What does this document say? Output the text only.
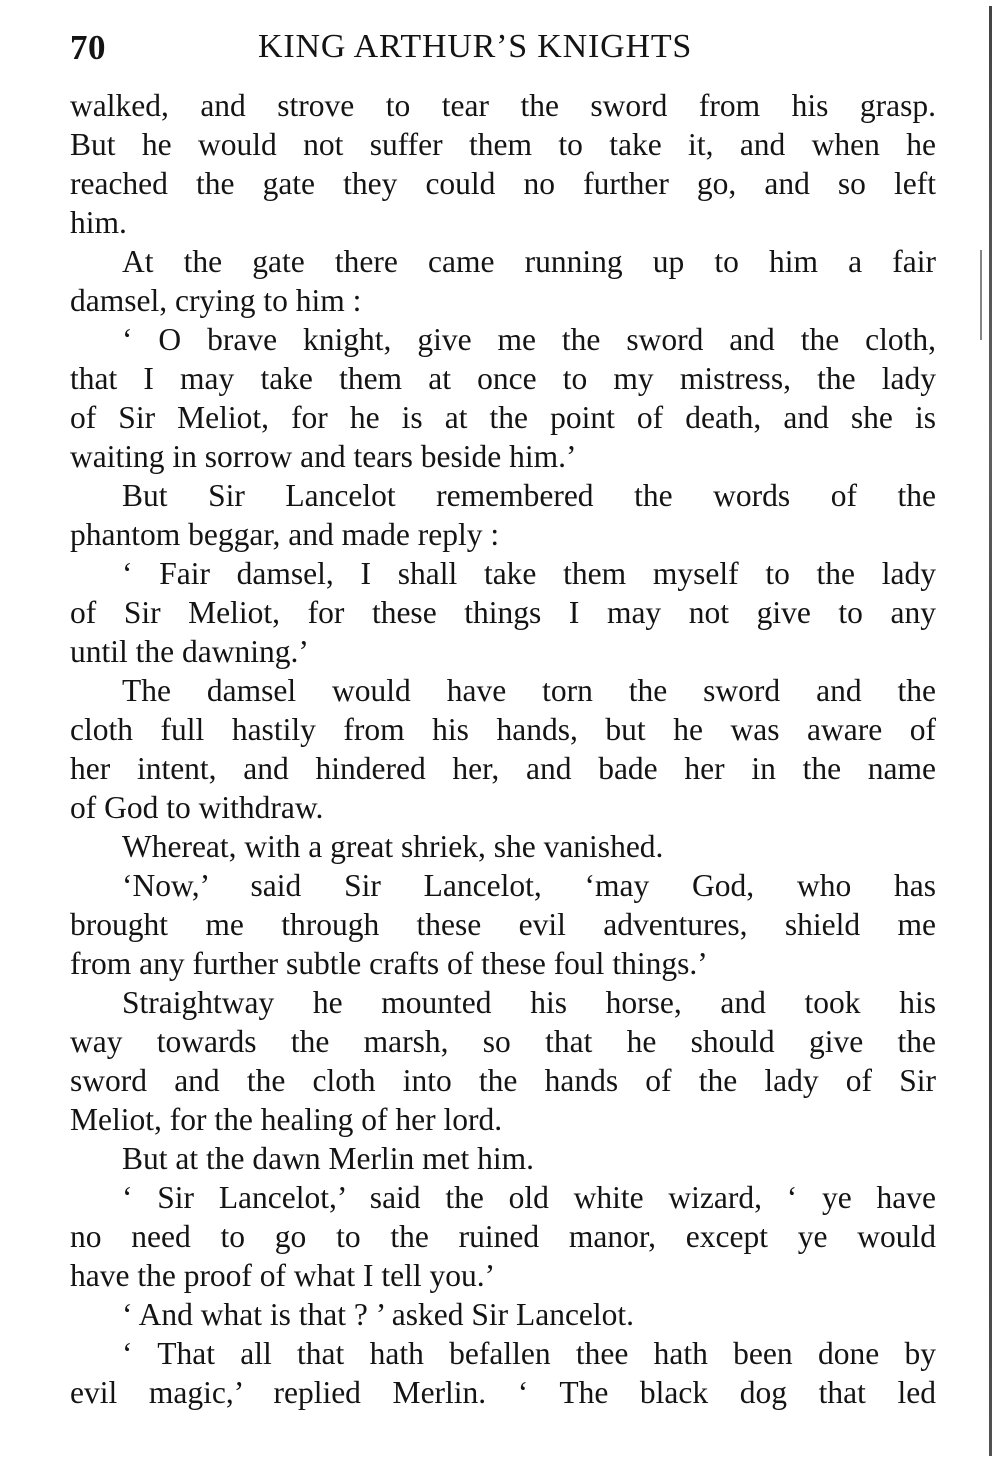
70	KING ARTHUR’S KNIGHTS
walked, and strove to tear the sword from his grasp.
But he would not suffer them to take it, and when he
reached the gate they could no further go, and so left
him.
At the gate there came running up to him a fair
damsel, crying to him :
‘ O brave knight, give me the sword and the cloth,
that I may take them at once to my mistress, the lady
of Sir Meliot, for he is at the point of death, and she is
waiting in sorrow and tears beside him.’
But Sir Lancelot remembered the words of the
phantom beggar, and made reply :
‘ Fair damsel, I shall take them myself to the lady
of Sir Meliot, for these things I may not give to any
until the dawning.’
The damsel would have torn the sword and the
cloth full hastily from his hands, but he was aware of
her intent, and hindered her, and bade her in the name
of God to withdraw.
Whereat, with a great shriek, she vanished.
‘Now,’ said Sir Lancelot, ‘may God, who has
brought me through these evil adventures, shield me
from any further subtle crafts of these foul things.’
Straightway he mounted his horse, and took his
way towards the marsh, so that he should give the
sword and the cloth into the hands of the lady of Sir
Meliot, for the healing of her lord.
But at the dawn Merlin met him.
‘ Sir Lancelot,’ said the old white wizard, ‘ ye have
no need to go to the ruined manor, except ye would
have the proof of what I tell you.’
‘ And what is that ? ’ asked Sir Lancelot.
‘ That all that hath befallen thee hath been done by
evil magic,’ replied Merlin. ‘ The black dog that led
